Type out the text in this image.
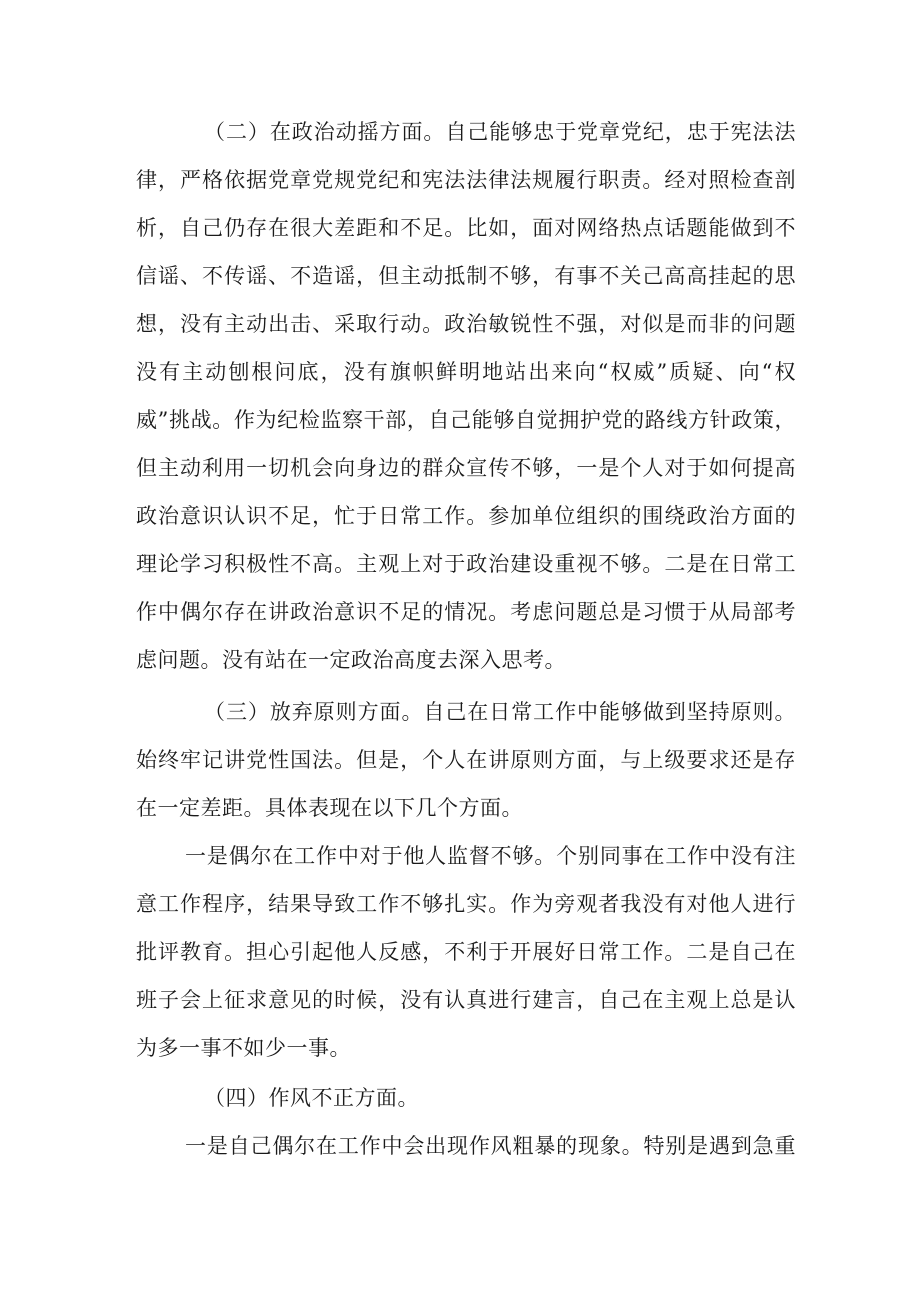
（二）在政治动摇方面。自己能够忠于党章党纪，忠于宪法法
律，严格依据党章党规党纪和宪法法律法规履行职责。经对照检查剖
析，自己仍存在很大差距和不足。比如，面对网络热点话题能做到不
信谣、不传谣、不造谣，但主动抵制不够，有事不关己高高挂起的思
想，没有主动出击、采取行动。政治敏锐性不强，对似是而非的问题
没有主动刨根问底，没有旗帜鲜明地站出来向“权威”质疑、向“权
威”挑战。作为纪检监察干部，自己能够自觉拥护党的路线方针政策，
但主动利用一切机会向身边的群众宣传不够，一是个人对于如何提高
政治意识认识不足，忙于日常工作。参加单位组织的围绕政治方面的
理论学习积极性不高。主观上对于政治建设重视不够。二是在日常工
作中偶尔存在讲政治意识不足的情况。考虑问题总是习惯于从局部考
虑问题。没有站在一定政治高度去深入思考。
（三）放弃原则方面。自己在日常工作中能够做到坚持原则。
始终牢记讲党性国法。但是，个人在讲原则方面，与上级要求还是存
在一定差距。具体表现在以下几个方面。
一是偶尔在工作中对于他人监督不够。个别同事在工作中没有注
意工作程序，结果导致工作不够扎实。作为旁观者我没有对他人进行
批评教育。担心引起他人反感，不利于开展好日常工作。二是自己在
班子会上征求意见的时候，没有认真进行建言，自己在主观上总是认
为多一事不如少一事。
（四）作风不正方面。
一是自己偶尔在工作中会出现作风粗暴的现象。特别是遇到急重
